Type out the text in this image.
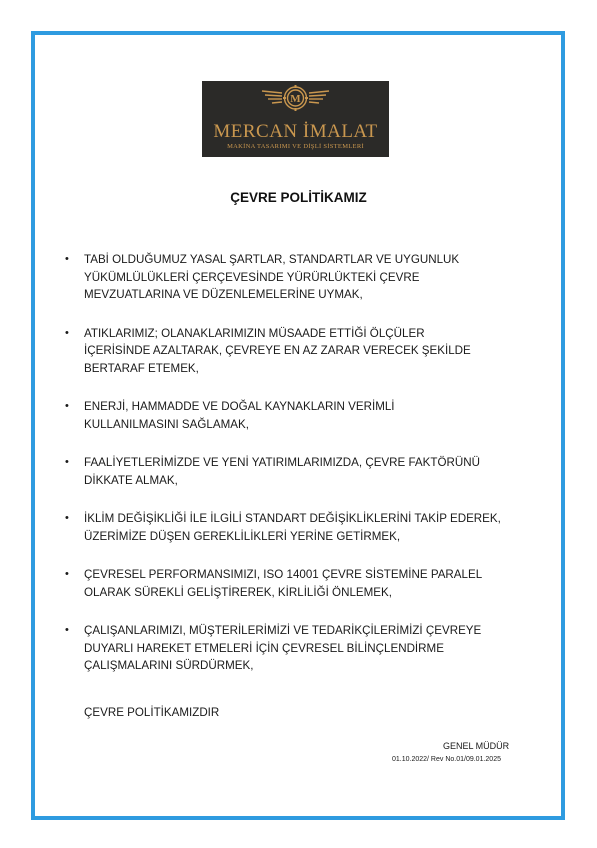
M
MERCAN İMALAT
MAKİNA TASARIMI VE DİŞLİ SİSTEMLERİ
ÇEVRE POLİTİKAMIZ
• TABİ OLDUĞUMUZ YASAL ŞARTLAR, STANDARTLAR VE UYGUNLUK
YÜKÜMLÜLÜKLERİ ÇERÇEVESİNDE YÜRÜRLÜKTEKİ ÇEVRE
MEVZUATLARINA VE DÜZENLEMELERİNE UYMAK,
• ATIKLARIMIZ; OLANAKLARIMIZIN MÜSAADE ETTİĞİ ÖLÇÜLER
İÇERİSİNDE AZALTARAK, ÇEVREYE EN AZ ZARAR VERECEK ŞEKİLDE
BERTARAF ETEMEK,
• ENERJİ, HAMMADDE VE DOĞAL KAYNAKLARIN VERİMLİ
KULLANILMASINI SAĞLAMAK,
• FAALİYETLERİMİZDE VE YENİ YATIRIMLARIMIZDA, ÇEVRE FAKTÖRÜNÜ
DİKKATE ALMAK,
• İKLİM DEĞİŞİKLİĞİ İLE İLGİLİ STANDART DEĞİŞİKLİKLERİNİ TAKİP EDEREK,
ÜZERİMİZE DÜŞEN GEREKLİLİKLERİ YERİNE GETİRMEK,
• ÇEVRESEL PERFORMANSIMIZI, ISO 14001 ÇEVRE SİSTEMİNE PARALEL
OLARAK SÜREKLİ GELİŞTİREREK, KİRLİLİĞİ ÖNLEMEK,
• ÇALIŞANLARIMIZI, MÜŞTERİLERİMİZİ VE TEDARİKÇİLERİMİZİ ÇEVREYE
DUYARLI HAREKET ETMELERİ İÇİN ÇEVRESEL BİLİNÇLENDİRME
ÇALIŞMALARINI SÜRDÜRMEK,
ÇEVRE POLİTİKAMIZDIR
GENEL MÜDÜR
01.10.2022/ Rev No.01/09.01.2025
